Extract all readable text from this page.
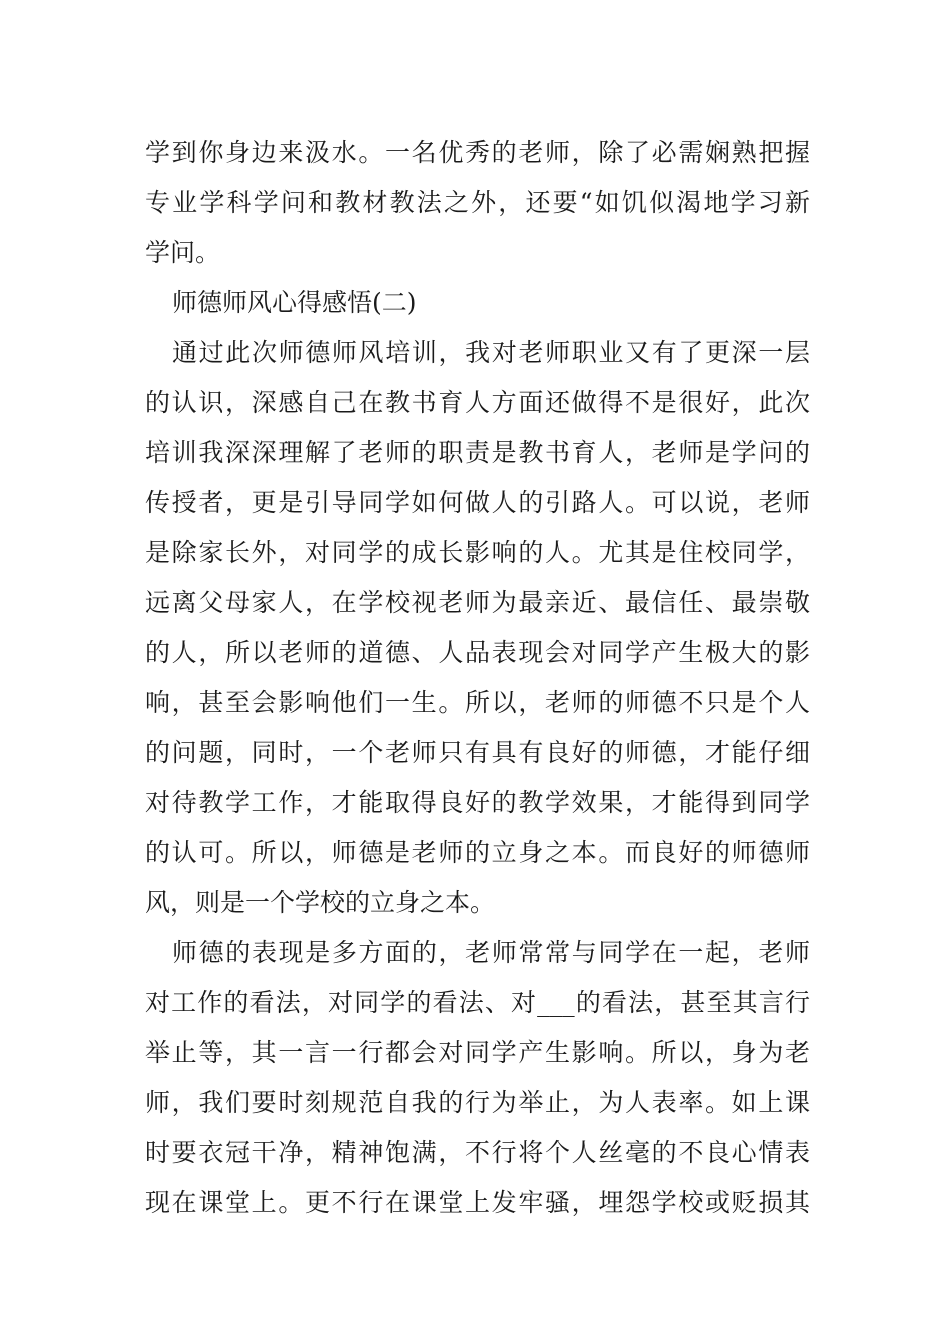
学到你身边来汲水。一名优秀的老师，除了必需娴熟把握
专业学科学问和教材教法之外，还要“如饥似渴地学习新
学问。
师德师风心得感悟(二)
通过此次师德师风培训，我对老师职业又有了更深一层
的认识，深感自己在教书育人方面还做得不是很好，此次
培训我深深理解了老师的职责是教书育人，老师是学问的
传授者，更是引导同学如何做人的引路人。可以说，老师
是除家长外，对同学的成长影响的人。尤其是住校同学，
远离父母家人，在学校视老师为最亲近、最信任、最崇敬
的人，所以老师的道德、人品表现会对同学产生极大的影
响，甚至会影响他们一生。所以，老师的师德不只是个人
的问题，同时，一个老师只有具有良好的师德，才能仔细
对待教学工作，才能取得良好的教学效果，才能得到同学
的认可。所以，师德是老师的立身之本。而良好的师德师
风，则是一个学校的立身之本。
师德的表现是多方面的，老师常常与同学在一起，老师
对工作的看法，对同学的看法、对___的看法，甚至其言行
举止等，其一言一行都会对同学产生影响。所以，身为老
师，我们要时刻规范自我的行为举止，为人表率。如上课
时要衣冠干净，精神饱满，不行将个人丝毫的不良心情表
现在课堂上。更不行在课堂上发牢骚，埋怨学校或贬损其
